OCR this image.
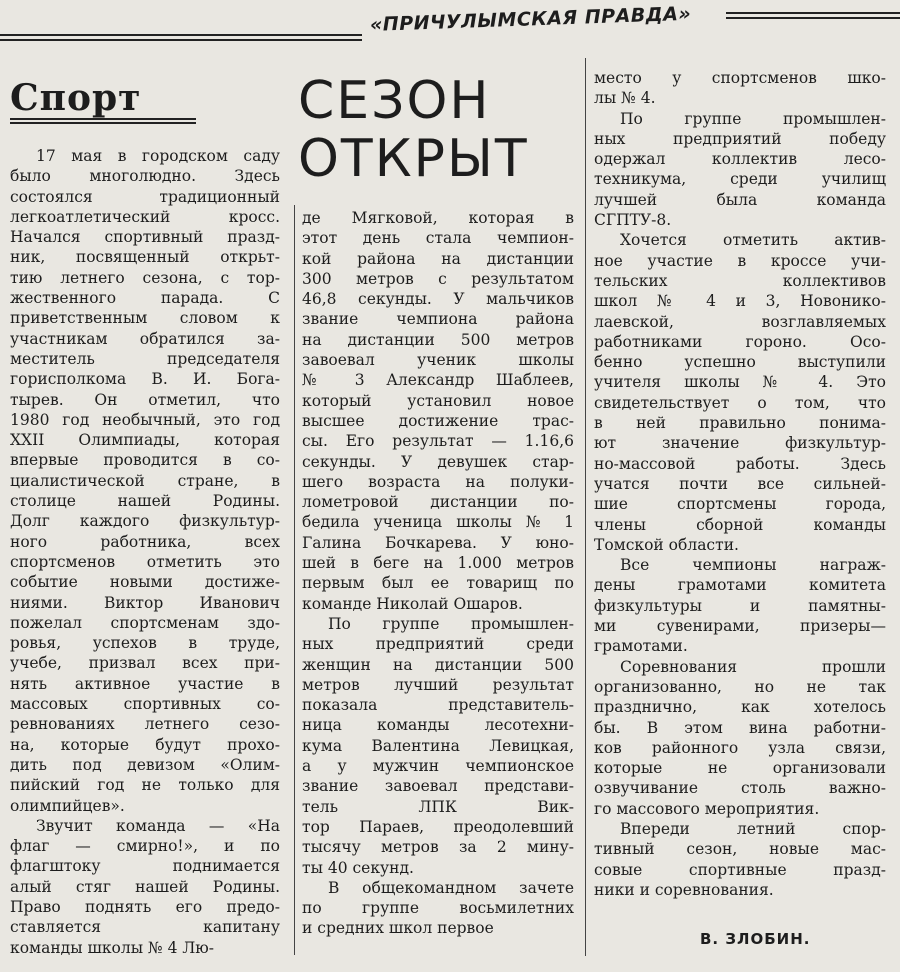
«ПРИЧУЛЫМСКАЯ ПРАВДА»
Спорт	СЕЗОН
ОТКРЫТ

17 мая в городском саду
было многолюдно. Здесь
состоялся традиционный
легкоатлетический кросс.
Начался спортивный празд-
ник, посвященный открьт-
тию летнего сезона, с тор-
жественного парада. С
приветственным словом к
участникам обратился за-
меститель председателя
горисполкома В. И. Бога-
тырев. Он отметил, что
1980 год необычный, это год
XXII Олимпиады, которая
впервые проводится в со-
циалистической стране, в
столице нашей Родины.
Долг каждого физкультур-
ного работника, всех
спортсменов отметить это
событие новыми достиже-
ниями. Виктор Иванович
пожелал спортсменам здо-
ровья, успехов в труде,
учебе, призвал всех при-
нять активное участие в
массовых спортивных со-
ревнованиях летнего сезо-
на, которые будут прохо-
дить под девизом «Олим-
пийский год не только для
олимпийцев».

Звучит команда — «На
флаг — смирно!», и по
флагштоку поднимается
алый стяг нашей Родины.
Право поднять его предо-
ставляется капитану
команды школы № 4 Лю-

де Мягковой, которая в
этот день стала чемпион-
кой района на дистанции
300 метров с результатом
46,8 секунды. У мальчиков
звание чемпиона района
на дистанции 500 метров
завоевал ученик школы
№ 3 Александр Шаблеев,
который установил новое
высшее достижение трас-
сы. Его результат — 1.16,6
секунды. У девушек стар-
шего возраста на полуки-
лометровой дистанции по-
бедила ученица школы № 1
Галина Бочкарева. У юно-
шей в беге на 1.000 метров
первым был ее товарищ по
команде Николай Ошаров.

По группе промышлен-
ных предприятий среди
женщин на дистанции 500
метров лучший результат
показала представитель-
ница команды лесотехни-
кума Валентина Левицкая,
а у мужчин чемпионское
звание завоевал представи-
тель ЛПК Вик-
тор Параев, преодолевший
тысячу метров за 2 мину-
ты 40 секунд.

В общекомандном зачете
по группе восьмилетних
и средних школ первое

место у спортсменов шко-
лы № 4.

По группе промышлен-
ных предприятий победу
одержал коллектив лесо-
техникума, среди училищ
лучшей была команда
СГПТУ-8.

Хочется отметить актив-
ное участие в кроссе учи-
тельских коллективов
школ № 4 и 3, Новонико-
лаевской, возглавляемых
работниками гороно. Осо-
бенно успешно выступили
учителя школы № 4. Это
свидетельствует о том, что
в ней правильно понима-
ют значение физкультур-
но-массовой работы. Здесь
учатся почти все сильней-
шие спортсмены города,
члены сборной команды
Томской области.

Все чемпионы награж-
дены грамотами комитета
физкультуры и памятны-
ми сувенирами, призеры—
грамотами.

Соревнования прошли
организованно, но не так
празднично, как хотелось
бы. В этом вина работни-
ков районного узла связи,
которые не организовали
озвучивание столь важно-
го массового мероприятия.

Впереди летний спор-
тивный сезон, новые мас-
совые спортивные празд-
ники и соревнования.

В. ЗЛОБИН.
